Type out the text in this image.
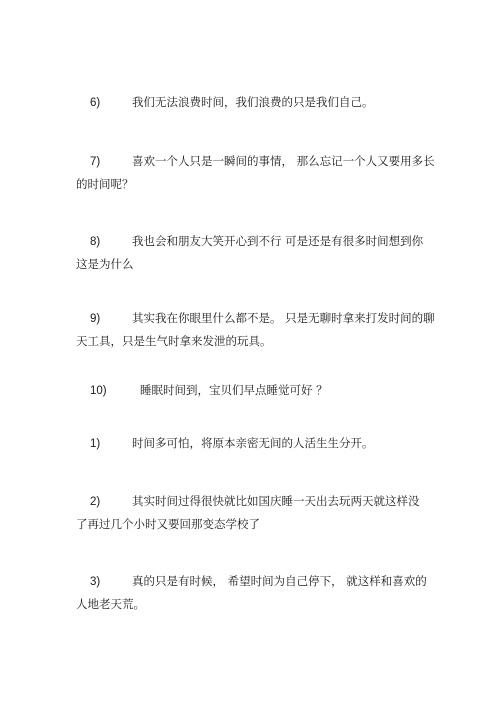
6)	我们无法浪费时间，我们浪费的只是我们自己。
7)	喜欢一个人只是一瞬间的事情， 那么忘记一个人又要用多长
的时间呢？
8)	我也会和朋友大笑开心到不行 可是还是有很多时间想到你
这是为什么
9)	其实我在你眼里什么都不是。 只是无聊时拿来打发时间的聊
天工具，只是生气时拿来发泄的玩具。
10)	睡眠时间到，宝贝们早点睡觉可好 ？
1)	时间多可怕，将原本亲密无间的人活生生分开。
2)	其实时间过得很快就比如国庆睡一天出去玩两天就这样没
了再过几个小时又要回那变态学校了
3)	真的只是有时候， 希望时间为自己停下， 就这样和喜欢的
人地老天荒。
